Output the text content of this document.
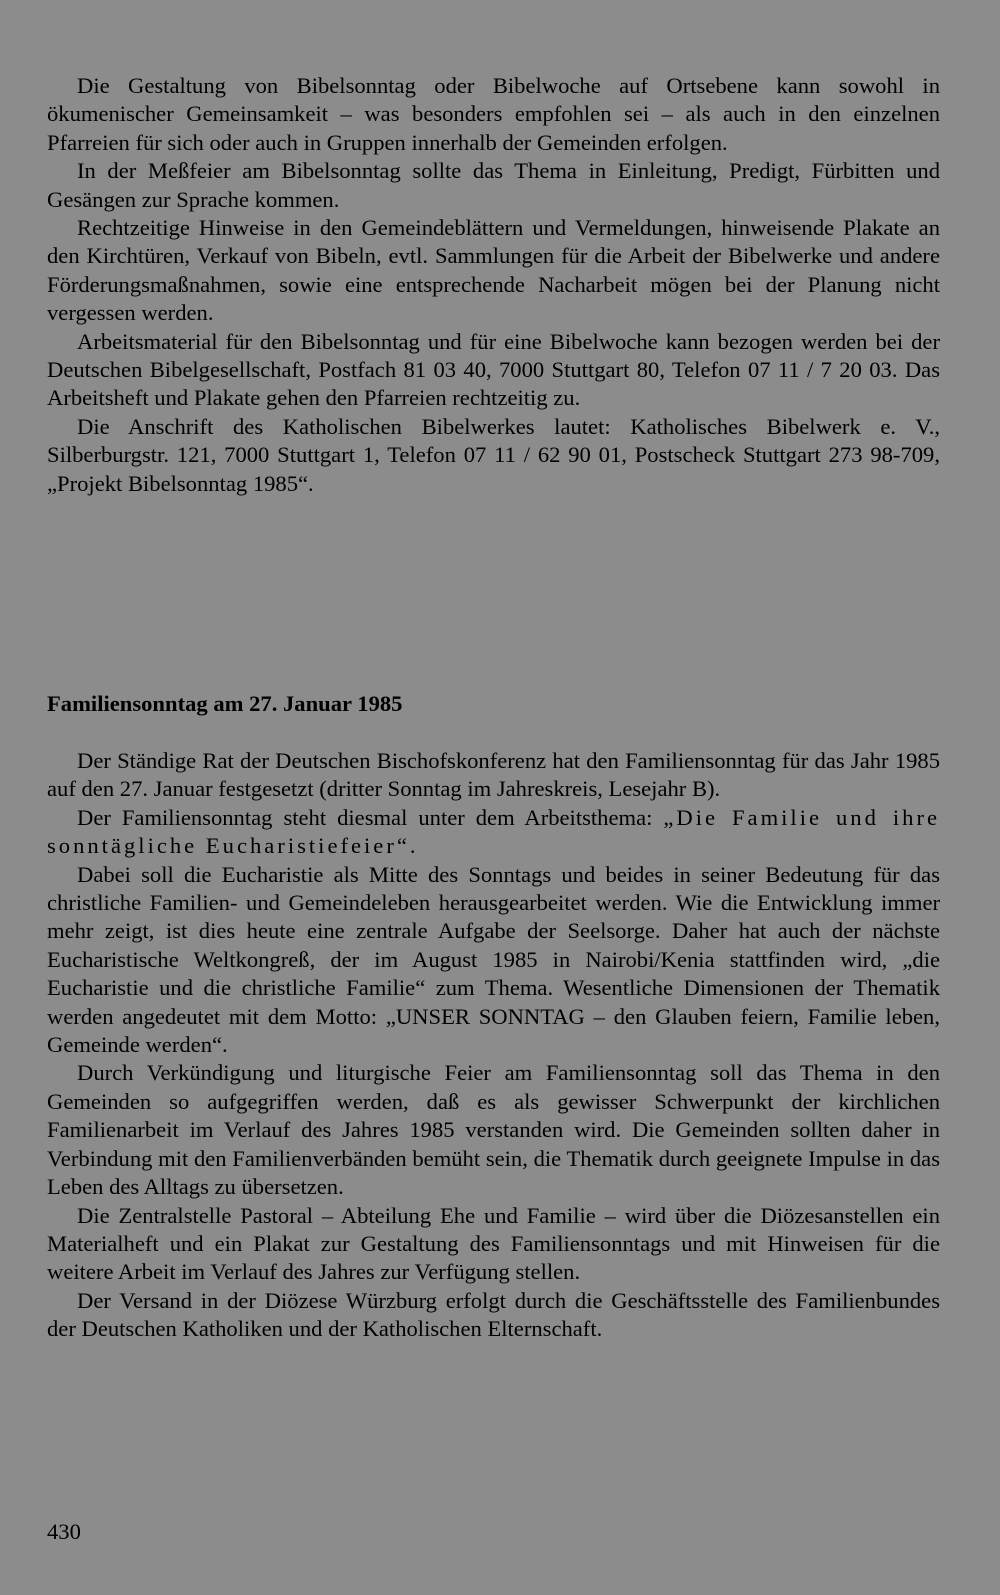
Die Gestaltung von Bibelsonntag oder Bibelwoche auf Ortsebene kann sowohl in ökumenischer Gemeinsamkeit – was besonders empfohlen sei – als auch in den einzelnen Pfarreien für sich oder auch in Gruppen innerhalb der Gemeinden erfolgen.

In der Meßfeier am Bibelsonntag sollte das Thema in Einleitung, Predigt, Fürbitten und Gesängen zur Sprache kommen.

Rechtzeitige Hinweise in den Gemeindeblättern und Vermeldungen, hinweisende Plakate an den Kirchtüren, Verkauf von Bibeln, evtl. Sammlungen für die Arbeit der Bibelwerke und andere Förderungsmaßnahmen, sowie eine entsprechende Nacharbeit mögen bei der Planung nicht vergessen werden.

Arbeitsmaterial für den Bibelsonntag und für eine Bibelwoche kann bezogen werden bei der Deutschen Bibelgesellschaft, Postfach 81 03 40, 7000 Stuttgart 80, Telefon 07 11 / 7 20 03. Das Arbeitsheft und Plakate gehen den Pfarreien rechtzeitig zu.

Die Anschrift des Katholischen Bibelwerkes lautet: Katholisches Bibelwerk e. V., Silberburgstr. 121, 7000 Stuttgart 1, Telefon 07 11 / 62 90 01, Postscheck Stuttgart 273 98-709, „Projekt Bibelsonntag 1985“.

Familiensonntag am 27. Januar 1985

Der Ständige Rat der Deutschen Bischofskonferenz hat den Familiensonntag für das Jahr 1985 auf den 27. Januar festgesetzt (dritter Sonntag im Jahreskreis, Lesejahr B).

Der Familiensonntag steht diesmal unter dem Arbeitsthema: „Die Familie und ihre sonntägliche Eucharistiefeier“.

Dabei soll die Eucharistie als Mitte des Sonntags und beides in seiner Bedeutung für das christliche Familien- und Gemeindeleben herausgearbeitet werden. Wie die Entwicklung immer mehr zeigt, ist dies heute eine zentrale Aufgabe der Seelsorge. Daher hat auch der nächste Eucharistische Weltkongreß, der im August 1985 in Nairobi/Kenia stattfinden wird, „die Eucharistie und die christliche Familie“ zum Thema. Wesentliche Dimensionen der Thematik werden angedeutet mit dem Motto: „UNSER SONNTAG – den Glauben feiern, Familie leben, Gemeinde werden“.

Durch Verkündigung und liturgische Feier am Familiensonntag soll das Thema in den Gemeinden so aufgegriffen werden, daß es als gewisser Schwerpunkt der kirchlichen Familienarbeit im Verlauf des Jahres 1985 verstanden wird. Die Gemeinden sollten daher in Verbindung mit den Familienverbänden bemüht sein, die Thematik durch geeignete Impulse in das Leben des Alltags zu übersetzen.

Die Zentralstelle Pastoral – Abteilung Ehe und Familie – wird über die Diözesanstellen ein Materialheft und ein Plakat zur Gestaltung des Familiensonntags und mit Hinweisen für die weitere Arbeit im Verlauf des Jahres zur Verfügung stellen.

Der Versand in der Diözese Würzburg erfolgt durch die Geschäftsstelle des Familienbundes der Deutschen Katholiken und der Katholischen Elternschaft.

430
